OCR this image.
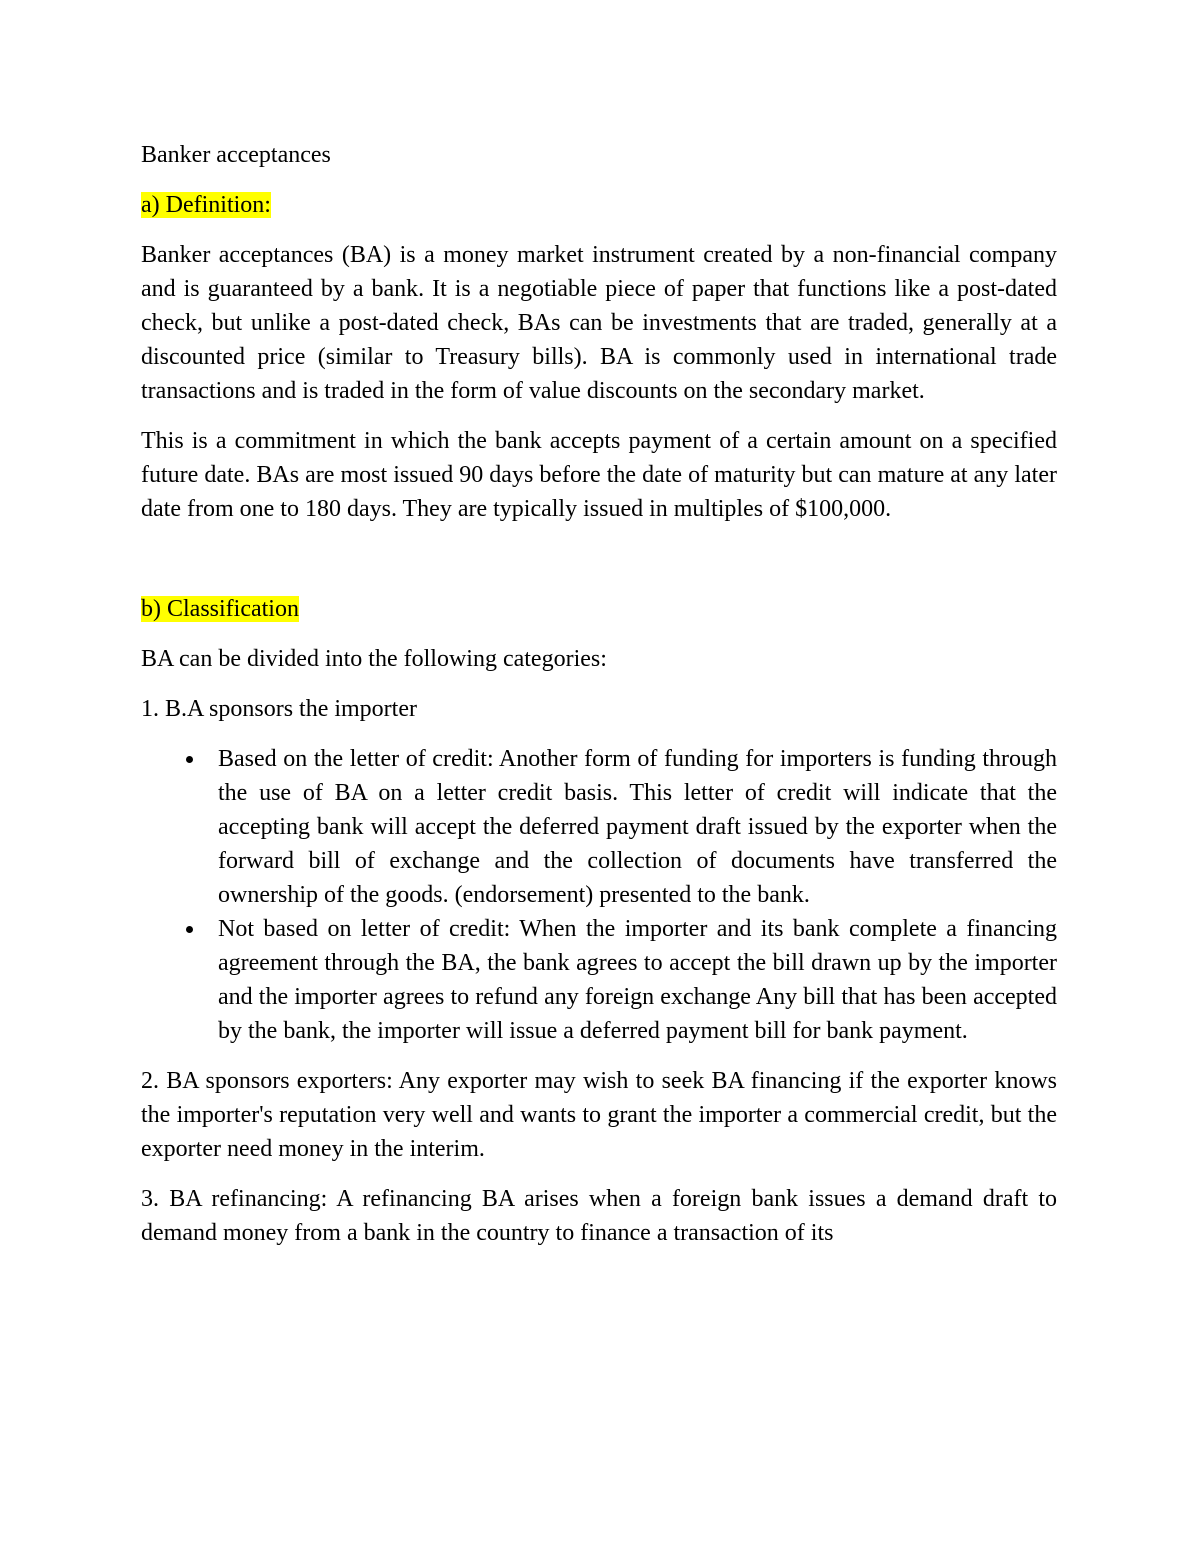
Banker acceptances

a) Definition:

Banker acceptances (BA) is a money market instrument created by a non-financial company and is guaranteed by a bank. It is a negotiable piece of paper that functions like a post-dated check, but unlike a post-dated check, BAs can be investments that are traded, generally at a discounted price (similar to Treasury bills). BA is commonly used in international trade transactions and is traded in the form of value discounts on the secondary market.

This is a commitment in which the bank accepts payment of a certain amount on a specified future date. BAs are most issued 90 days before the date of maturity but can mature at any later date from one to 180 days. They are typically issued in multiples of $100,000.

b) Classification

BA can be divided into the following categories:

1. B.A sponsors the importer

Based on the letter of credit: Another form of funding for importers is funding through the use of BA on a letter credit basis. This letter of credit will indicate that the accepting bank will accept the deferred payment draft issued by the exporter when the forward bill of exchange and the collection of documents have transferred the ownership of the goods. (endorsement) presented to the bank.
Not based on letter of credit: When the importer and its bank complete a financing agreement through the BA, the bank agrees to accept the bill drawn up by the importer and the importer agrees to refund any foreign exchange Any bill that has been accepted by the bank, the importer will issue a deferred payment bill for bank payment.

2. BA sponsors exporters: Any exporter may wish to seek BA financing if the exporter knows the importer's reputation very well and wants to grant the importer a commercial credit, but the exporter need money in the interim.

3. BA refinancing: A refinancing BA arises when a foreign bank issues a demand draft to demand money from a bank in the country to finance a transaction of its
